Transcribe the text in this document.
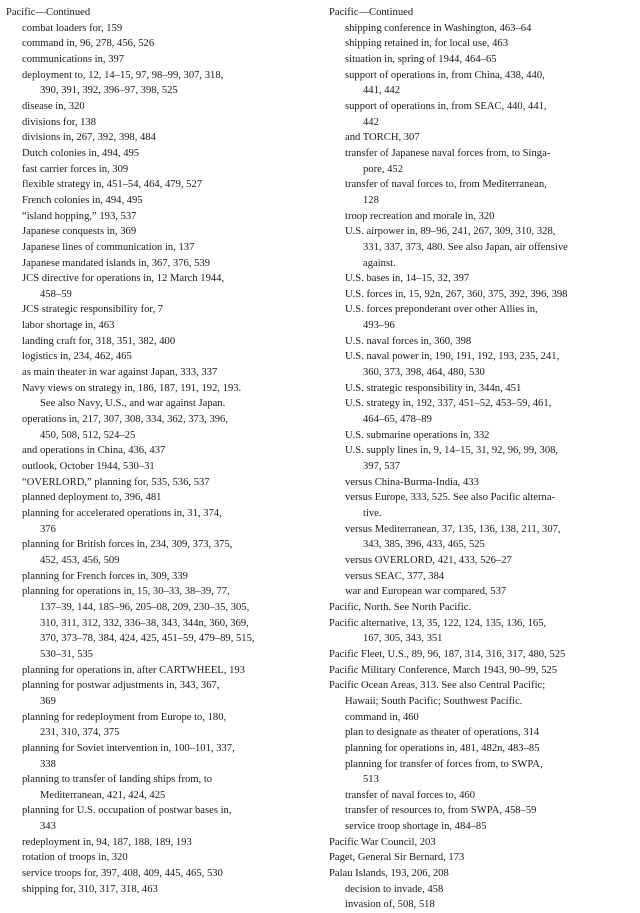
Pacific—Continued
combat loaders for, 159
command in, 96, 278, 456, 526
communications in, 397
deployment to, 12, 14–15, 97, 98–99, 307, 318,
390, 391, 392, 396–97, 398, 525
disease in, 320
divisions for, 138
divisions in, 267, 392, 398, 484
Dutch colonies in, 494, 495
fast carrier forces in, 309
flexible strategy in, 451–54, 464, 479, 527
French colonies in, 494, 495
“island hopping,” 193, 537
Japanese conquests in, 369
Japanese lines of communication in, 137
Japanese mandated islands in, 367, 376, 539
JCS directive for operations in, 12 March 1944,
458–59
JCS strategic responsibility for, 7
labor shortage in, 463
landing craft for, 318, 351, 382, 400
logistics in, 234, 462, 465
as main theater in war against Japan, 333, 337
Navy views on strategy in, 186, 187, 191, 192, 193.
See also Navy, U.S., and war against Japan.
operations in, 217, 307, 308, 334, 362, 373, 396,
450, 508, 512, 524–25
and operations in China, 436, 437
outlook, October 1944, 530–31
“OVERLORD,” planning for, 535, 536, 537
planned deployment to, 396, 481
planning for accelerated operations in, 31, 374,
376
planning for British forces in, 234, 309, 373, 375,
452, 453, 456, 509
planning for French forces in, 309, 339
planning for operations in, 15, 30–33, 38–39, 77,
137–39, 144, 185–96, 205–08, 209, 230–35, 305,
310, 311, 312, 332, 336–38, 343, 344n, 360, 369,
370, 373–78, 384, 424, 425, 451–59, 479–89, 515,
530–31, 535
planning for operations in, after CARTWHEEL, 193
planning for postwar adjustments in, 343, 367,
369
planning for redeployment from Europe to, 180,
231, 310, 374, 375
planning for Soviet intervention in, 100–101, 337,
338
planning to transfer of landing ships from, to
Mediterranean, 421, 424, 425
planning for U.S. occupation of postwar bases in,
343
redeployment in, 94, 187, 188, 189, 193
rotation of troops in, 320
service troops for, 397, 408, 409, 445, 465, 530
shipping for, 310, 317, 318, 463
Pacific—Continued
shipping conference in Washington, 463–64
shipping retained in, for local use, 463
situation in, spring of 1944, 464–65
support of operations in, from China, 438, 440,
441, 442
support of operations in, from SEAC, 440, 441,
442
and TORCH, 307
transfer of Japanese naval forces from, to Singa-
pore, 452
transfer of naval forces to, from Mediterranean,
128
troop recreation and morale in, 320
U.S. airpower in, 89–96, 241, 267, 309, 310, 328,
331, 337, 373, 480. See also Japan, air offensive
against.
U.S. bases in, 14–15, 32, 397
U.S. forces in, 15, 92n, 267, 360, 375, 392, 396, 398
U.S. forces preponderant over other Allies in,
493–96
U.S. naval forces in, 360, 398
U.S. naval power in, 190, 191, 192, 193, 235, 241,
360, 373, 398, 464, 480, 530
U.S. strategic responsibility in, 344n, 451
U.S. strategy in, 192, 337, 451–52, 453–59, 461,
464–65, 478–89
U.S. submarine operations in, 332
U.S. supply lines in, 9, 14–15, 31, 92, 96, 99, 308,
397, 537
versus China-Burma-India, 433
versus Europe, 333, 525. See also Pacific alterna-
tive.
versus Mediterranean, 37, 135, 136, 138, 211, 307,
343, 385, 396, 433, 465, 525
versus OVERLORD, 421, 433, 526–27
versus SEAC, 377, 384
war and European war compared, 537
Pacific, North. See North Pacific.
Pacific alternative, 13, 35, 122, 124, 135, 136, 165,
167, 305, 343, 351
Pacific Fleet, U.S., 89, 96, 187, 314, 316, 317, 480, 525
Pacific Military Conference, March 1943, 90–99, 525
Pacific Ocean Areas, 313. See also Central Pacific;
Hawaii; South Pacific; Southwest Pacific.
command in, 460
plan to designate as theater of operations, 314
planning for operations in, 481, 482n, 483–85
planning for transfer of forces from, to SWPA,
513
transfer of naval forces to, 460
transfer of resources to, from SWPA, 458–59
service troop shortage in, 484–85
Pacific War Council, 203
Paget, General Sir Bernard, 173
Palau Islands, 193, 206, 208
decision to invade, 458
invasion of, 508, 518
